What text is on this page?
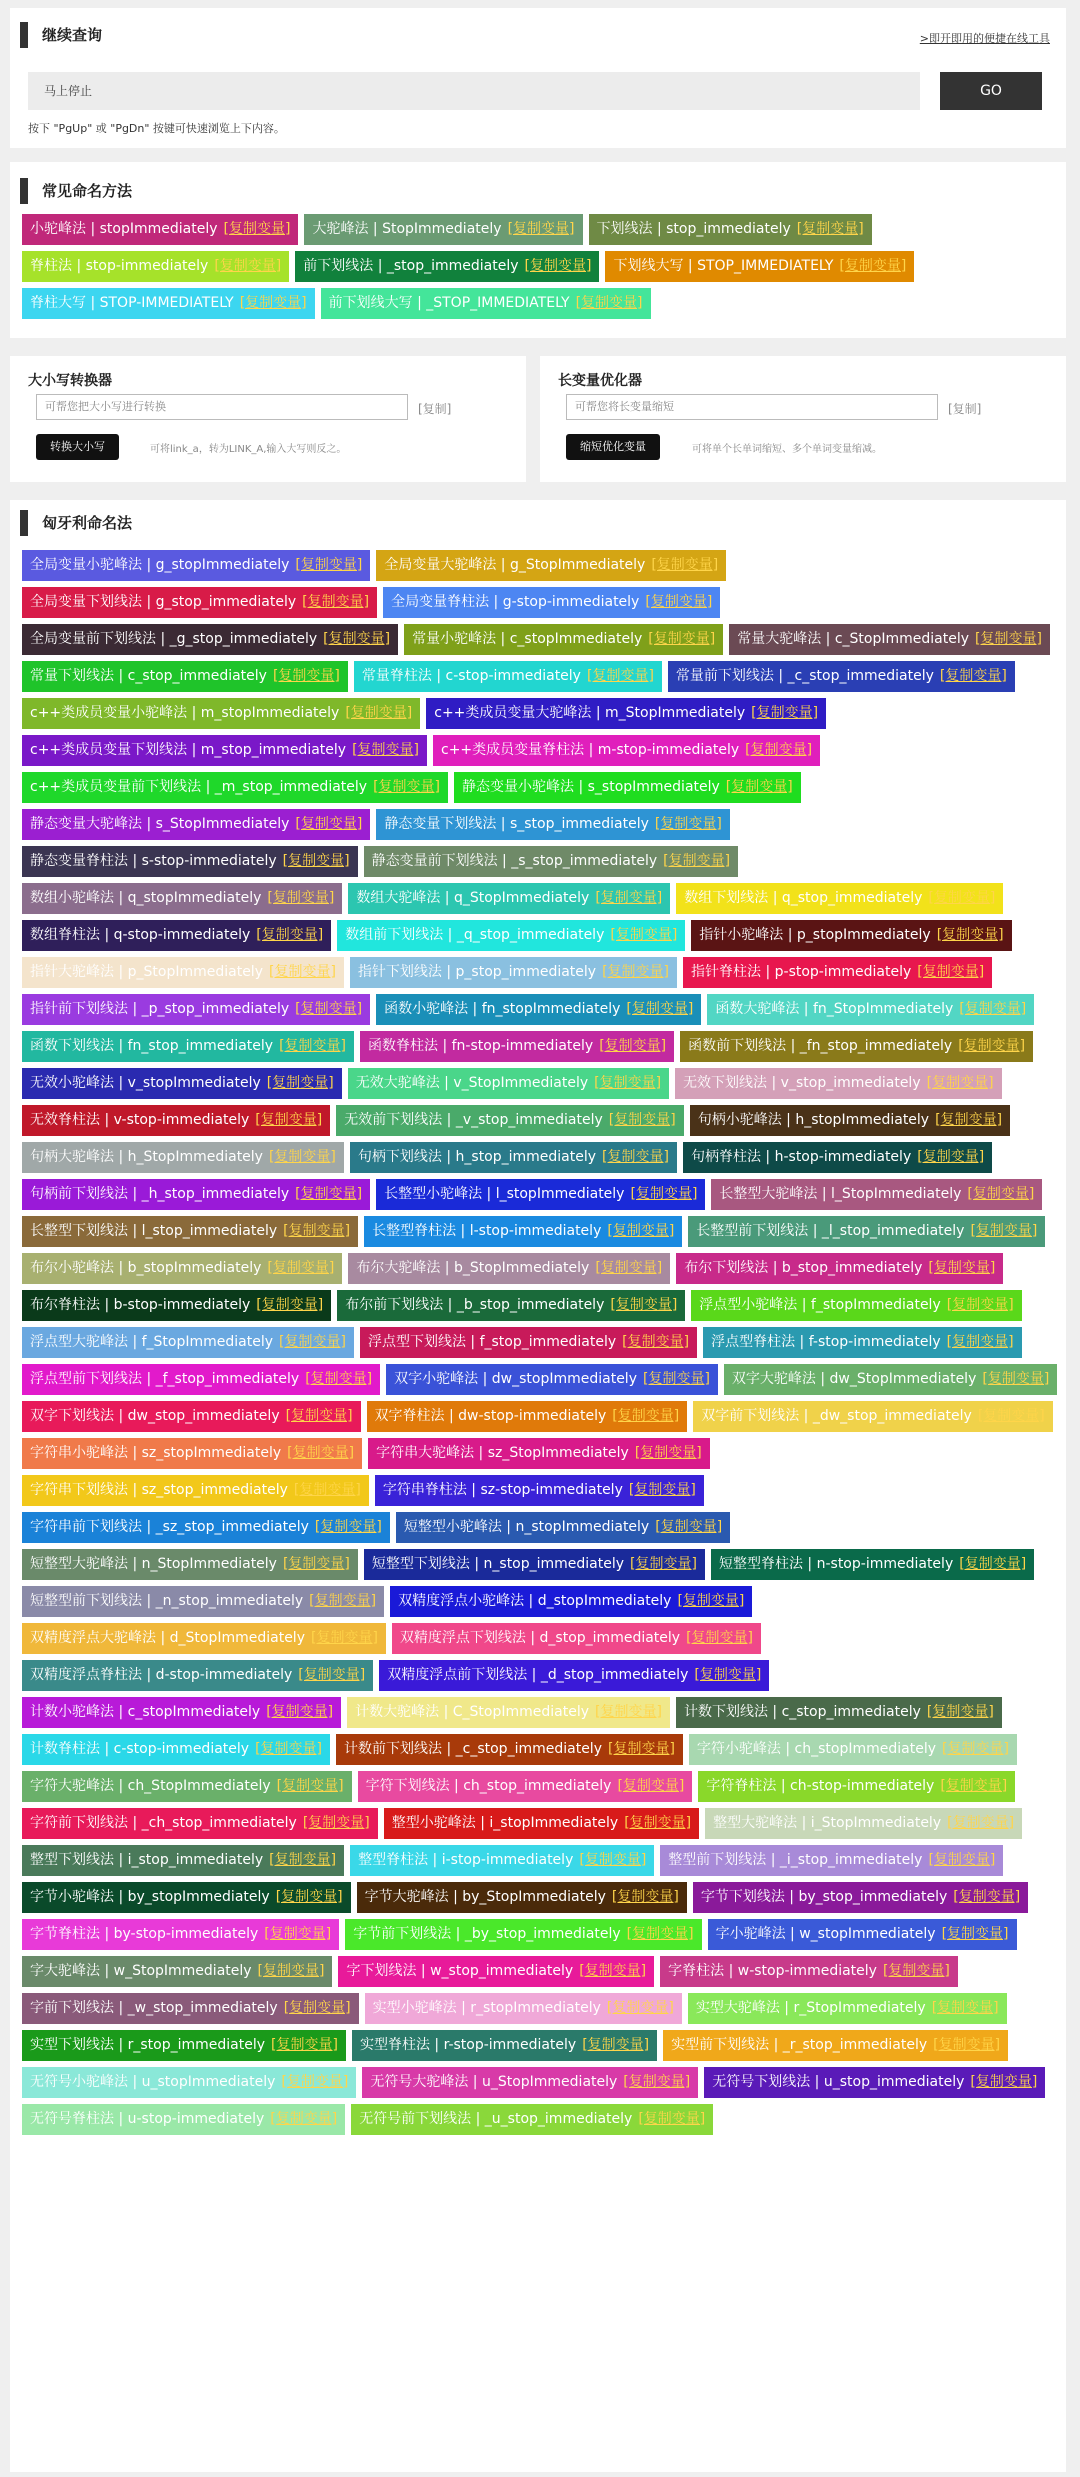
继续查询	>即开即用的便捷在线工具
马上停止	GO
按下 "PgUp" 或 "PgDn" 按键可快速浏览上下内容。
常见命名方法
小驼峰法 | stopImmediately [复制变量]	大驼峰法 | StopImmediately [复制变量]	下划线法 | stop_immediately [复制变量]
脊柱法 | stop-immediately [复制变量]	前下划线法 | _stop_immediately [复制变量]	下划线大写 | STOP_IMMEDIATELY [复制变量]
脊柱大写 | STOP-IMMEDIATELY [复制变量]	前下划线大写 | _STOP_IMMEDIATELY [复制变量]
大小写转换器
可帮您把大小写进行转换	[复制]
转换大小写	可将link_a，转为LINK_A,输入大写则反之。
长变量优化器
可帮您将长变量缩短	[复制]
缩短优化变量	可将单个长单词缩短、多个单词变量缩减。
匈牙利命名法
全局变量小驼峰法 | g_stopImmediately [复制变量]	全局变量大驼峰法 | g_StopImmediately [复制变量]
全局变量下划线法 | g_stop_immediately [复制变量]	全局变量脊柱法 | g-stop-immediately [复制变量]
全局变量前下划线法 | _g_stop_immediately [复制变量]	常量小驼峰法 | c_stopImmediately [复制变量]	常量大驼峰法 | c_StopImmediately [复制变量]
常量下划线法 | c_stop_immediately [复制变量]	常量脊柱法 | c-stop-immediately [复制变量]	常量前下划线法 | _c_stop_immediately [复制变量]
c++类成员变量小驼峰法 | m_stopImmediately [复制变量]	c++类成员变量大驼峰法 | m_StopImmediately [复制变量]
c++类成员变量下划线法 | m_stop_immediately [复制变量]	c++类成员变量脊柱法 | m-stop-immediately [复制变量]
c++类成员变量前下划线法 | _m_stop_immediately [复制变量]	静态变量小驼峰法 | s_stopImmediately [复制变量]
静态变量大驼峰法 | s_StopImmediately [复制变量]	静态变量下划线法 | s_stop_immediately [复制变量]
静态变量脊柱法 | s-stop-immediately [复制变量]	静态变量前下划线法 | _s_stop_immediately [复制变量]
数组小驼峰法 | q_stopImmediately [复制变量]	数组大驼峰法 | q_StopImmediately [复制变量]	数组下划线法 | q_stop_immediately [复制变量]
数组脊柱法 | q-stop-immediately [复制变量]	数组前下划线法 | _q_stop_immediately [复制变量]	指针小驼峰法 | p_stopImmediately [复制变量]
指针大驼峰法 | p_StopImmediately [复制变量]	指针下划线法 | p_stop_immediately [复制变量]	指针脊柱法 | p-stop-immediately [复制变量]
指针前下划线法 | _p_stop_immediately [复制变量]	函数小驼峰法 | fn_stopImmediately [复制变量]	函数大驼峰法 | fn_StopImmediately [复制变量]
函数下划线法 | fn_stop_immediately [复制变量]	函数脊柱法 | fn-stop-immediately [复制变量]	函数前下划线法 | _fn_stop_immediately [复制变量]
无效小驼峰法 | v_stopImmediately [复制变量]	无效大驼峰法 | v_StopImmediately [复制变量]	无效下划线法 | v_stop_immediately [复制变量]
无效脊柱法 | v-stop-immediately [复制变量]	无效前下划线法 | _v_stop_immediately [复制变量]	句柄小驼峰法 | h_stopImmediately [复制变量]
句柄大驼峰法 | h_StopImmediately [复制变量]	句柄下划线法 | h_stop_immediately [复制变量]	句柄脊柱法 | h-stop-immediately [复制变量]
句柄前下划线法 | _h_stop_immediately [复制变量]	长整型小驼峰法 | l_stopImmediately [复制变量]	长整型大驼峰法 | l_StopImmediately [复制变量]
长整型下划线法 | l_stop_immediately [复制变量]	长整型脊柱法 | l-stop-immediately [复制变量]	长整型前下划线法 | _l_stop_immediately [复制变量]
布尔小驼峰法 | b_stopImmediately [复制变量]	布尔大驼峰法 | b_StopImmediately [复制变量]	布尔下划线法 | b_stop_immediately [复制变量]
布尔脊柱法 | b-stop-immediately [复制变量]	布尔前下划线法 | _b_stop_immediately [复制变量]	浮点型小驼峰法 | f_stopImmediately [复制变量]
浮点型大驼峰法 | f_StopImmediately [复制变量]	浮点型下划线法 | f_stop_immediately [复制变量]	浮点型脊柱法 | f-stop-immediately [复制变量]
浮点型前下划线法 | _f_stop_immediately [复制变量]	双字小驼峰法 | dw_stopImmediately [复制变量]	双字大驼峰法 | dw_StopImmediately [复制变量]
双字下划线法 | dw_stop_immediately [复制变量]	双字脊柱法 | dw-stop-immediately [复制变量]	双字前下划线法 | _dw_stop_immediately [复制变量]
字符串小驼峰法 | sz_stopImmediately [复制变量]	字符串大驼峰法 | sz_StopImmediately [复制变量]
字符串下划线法 | sz_stop_immediately [复制变量]	字符串脊柱法 | sz-stop-immediately [复制变量]
字符串前下划线法 | _sz_stop_immediately [复制变量]	短整型小驼峰法 | n_stopImmediately [复制变量]
短整型大驼峰法 | n_StopImmediately [复制变量]	短整型下划线法 | n_stop_immediately [复制变量]	短整型脊柱法 | n-stop-immediately [复制变量]
短整型前下划线法 | _n_stop_immediately [复制变量]	双精度浮点小驼峰法 | d_stopImmediately [复制变量]
双精度浮点大驼峰法 | d_StopImmediately [复制变量]	双精度浮点下划线法 | d_stop_immediately [复制变量]
双精度浮点脊柱法 | d-stop-immediately [复制变量]	双精度浮点前下划线法 | _d_stop_immediately [复制变量]
计数小驼峰法 | c_stopImmediately [复制变量]	计数大驼峰法 | C_StopImmediately [复制变量]	计数下划线法 | c_stop_immediately [复制变量]
计数脊柱法 | c-stop-immediately [复制变量]	计数前下划线法 | _c_stop_immediately [复制变量]	字符小驼峰法 | ch_stopImmediately [复制变量]
字符大驼峰法 | ch_StopImmediately [复制变量]	字符下划线法 | ch_stop_immediately [复制变量]	字符脊柱法 | ch-stop-immediately [复制变量]
字符前下划线法 | _ch_stop_immediately [复制变量]	整型小驼峰法 | i_stopImmediately [复制变量]	整型大驼峰法 | i_StopImmediately [复制变量]
整型下划线法 | i_stop_immediately [复制变量]	整型脊柱法 | i-stop-immediately [复制变量]	整型前下划线法 | _i_stop_immediately [复制变量]
字节小驼峰法 | by_stopImmediately [复制变量]	字节大驼峰法 | by_StopImmediately [复制变量]	字节下划线法 | by_stop_immediately [复制变量]
字节脊柱法 | by-stop-immediately [复制变量]	字节前下划线法 | _by_stop_immediately [复制变量]	字小驼峰法 | w_stopImmediately [复制变量]
字大驼峰法 | w_StopImmediately [复制变量]	字下划线法 | w_stop_immediately [复制变量]	字脊柱法 | w-stop-immediately [复制变量]
字前下划线法 | _w_stop_immediately [复制变量]	实型小驼峰法 | r_stopImmediately [复制变量]	实型大驼峰法 | r_StopImmediately [复制变量]
实型下划线法 | r_stop_immediately [复制变量]	实型脊柱法 | r-stop-immediately [复制变量]	实型前下划线法 | _r_stop_immediately [复制变量]
无符号小驼峰法 | u_stopImmediately [复制变量]	无符号大驼峰法 | u_StopImmediately [复制变量]	无符号下划线法 | u_stop_immediately [复制变量]
无符号脊柱法 | u-stop-immediately [复制变量]	无符号前下划线法 | _u_stop_immediately [复制变量]
